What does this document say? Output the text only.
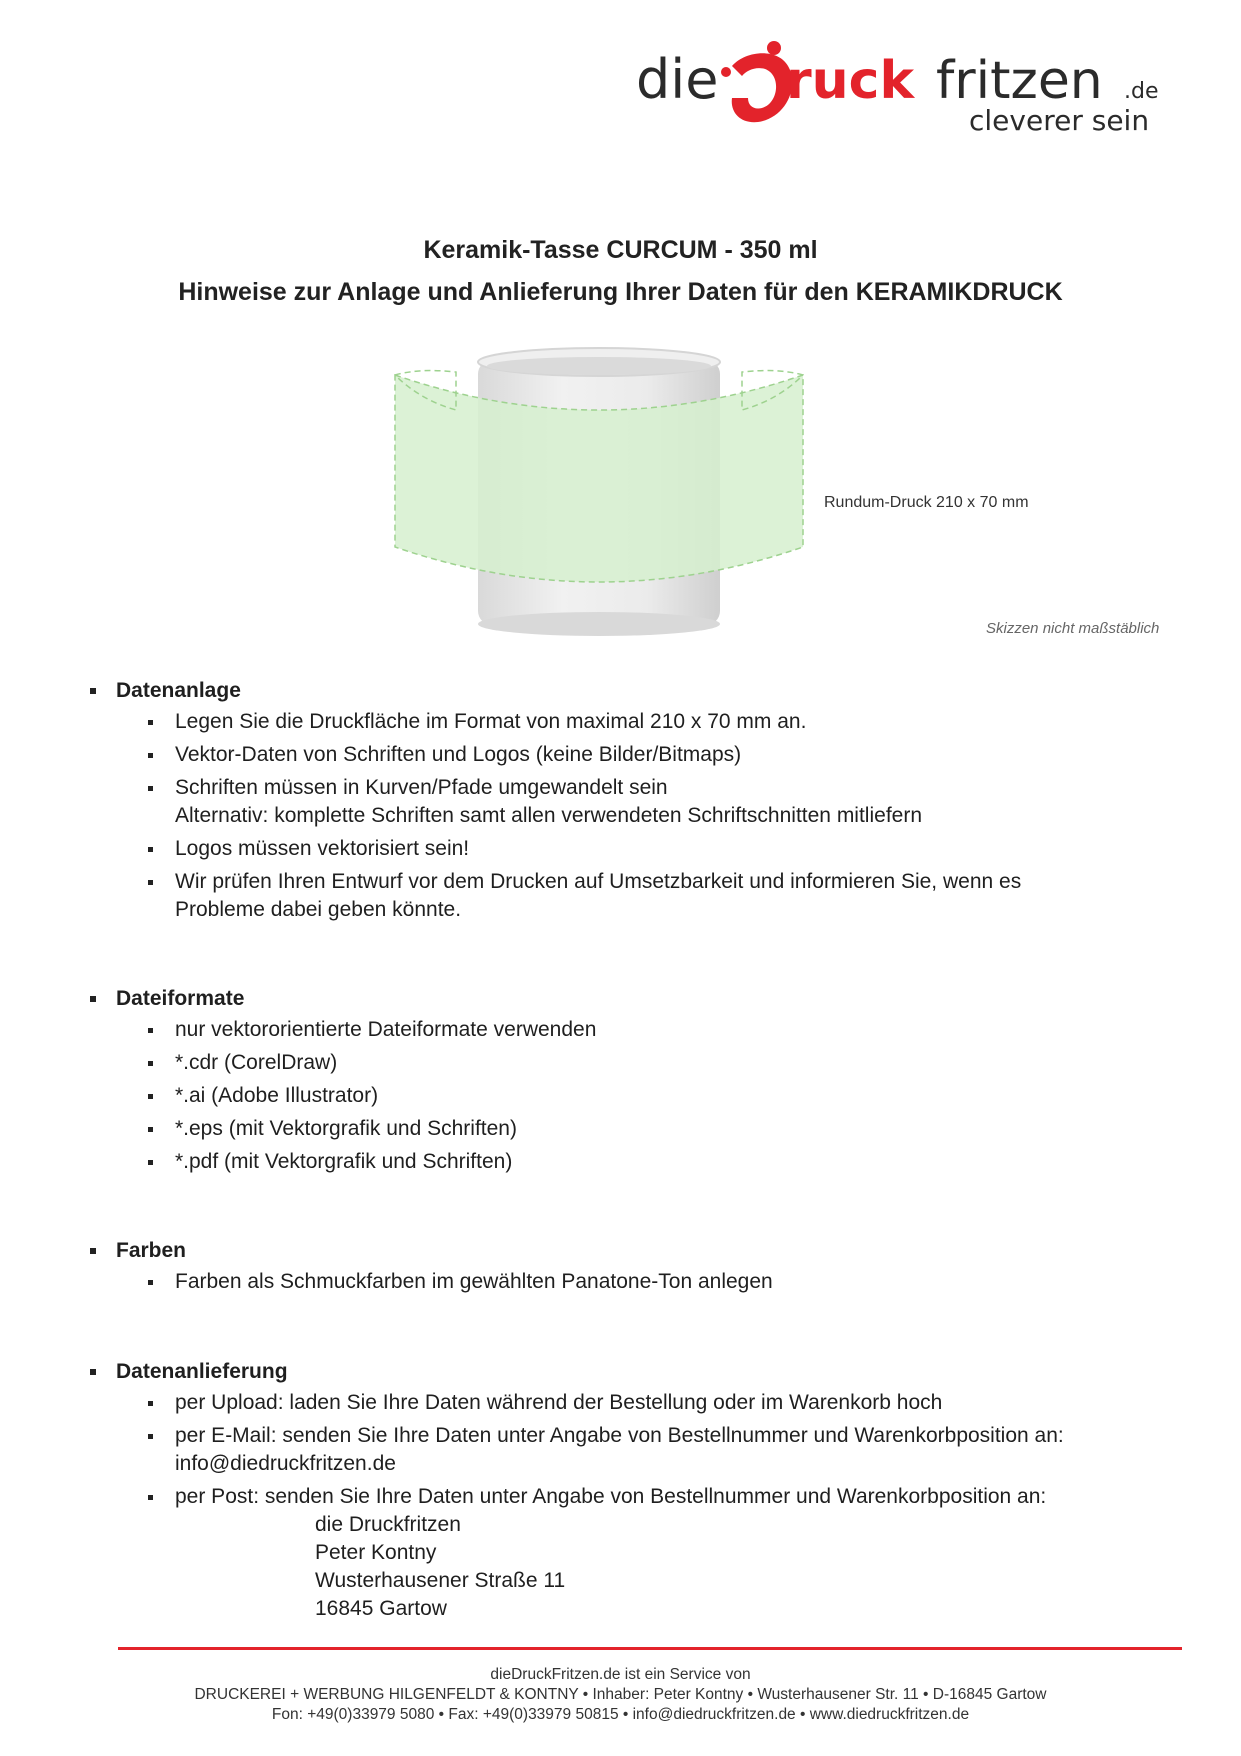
die ruck fritzen .de
cleverer sein
Keramik-Tasse CURCUM - 350 ml
Hinweise zur Anlage und Anlieferung Ihrer Daten für den KERAMIKDRUCK
Rundum-Druck 210 x 70 mm
Skizzen nicht maßstäblich
Datenanlage
Legen Sie die Druckfläche im Format von maximal 210 x 70 mm an.
Vektor-Daten von Schriften und Logos (keine Bilder/Bitmaps)
Schriften müssen in Kurven/Pfade umgewandelt sein
Alternativ: komplette Schriften samt allen verwendeten Schriftschnitten mitliefern
Logos müssen vektorisiert sein!
Wir prüfen Ihren Entwurf vor dem Drucken auf Umsetzbarkeit und informieren Sie, wenn es
Probleme dabei geben könnte.
Dateiformate
nur vektororientierte Dateiformate verwenden
*.cdr (CorelDraw)
*.ai (Adobe Illustrator)
*.eps (mit Vektorgrafik und Schriften)
*.pdf (mit Vektorgrafik und Schriften)
Farben
Farben als Schmuckfarben im gewählten Panatone-Ton anlegen
Datenanlieferung
per Upload: laden Sie Ihre Daten während der Bestellung oder im Warenkorb hoch
per E-Mail: senden Sie Ihre Daten unter Angabe von Bestellnummer und Warenkorbposition an:
info@diedruckfritzen.de
per Post: senden Sie Ihre Daten unter Angabe von Bestellnummer und Warenkorbposition an:
die Druckfritzen
Peter Kontny
Wusterhausener Straße 11
16845 Gartow
dieDruckFritzen.de ist ein Service von
DRUCKEREI + WERBUNG HILGENFELDT & KONTNY • Inhaber: Peter Kontny • Wusterhausener Str. 11 • D-16845 Gartow
Fon: +49(0)33979 5080 • Fax: +49(0)33979 50815 • info@diedruckfritzen.de • www.diedruckfritzen.de
